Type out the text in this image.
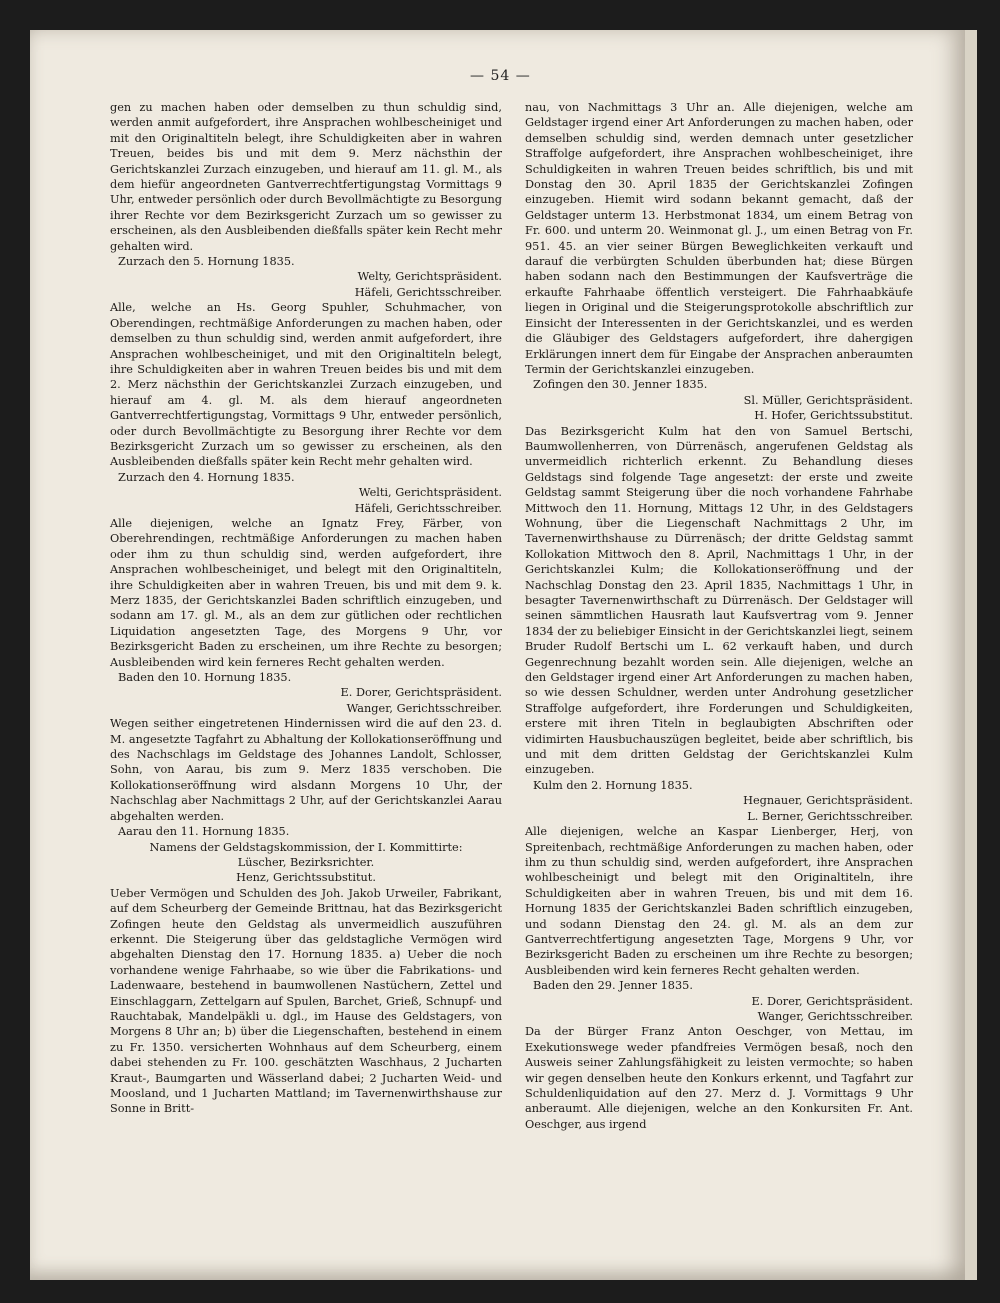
— 54 —

gen zu machen haben oder demselben zu thun schuldig sind, werden anmit aufgefordert, ihre Ansprachen wohlbescheiniget und mit den Originaltiteln belegt, ihre Schuldigkeiten aber in wahren Treuen, beides bis und mit dem 9. Merz nächsthin der Gerichtskanzlei Zurzach einzugeben, und hierauf am 11. gl. M., als dem hiefür angeordneten Gantverrechtfertigungstag Vormittags 9 Uhr, entweder persönlich oder durch Bevollmächtigte zu Besorgung ihrer Rechte vor dem Bezirksgericht Zurzach um so gewisser zu erscheinen, als den Ausbleibenden dießfalls später kein Recht mehr gehalten wird.

Zurzach den 5. Hornung 1835.

Welty, Gerichtspräsident.

Häfeli, Gerichtsschreiber.

Alle, welche an Hs. Georg Spuhler, Schuhmacher, von Oberendingen, rechtmäßige Anforderungen zu machen haben, oder demselben zu thun schuldig sind, werden anmit aufgefordert, ihre Ansprachen wohlbescheiniget, und mit den Originaltiteln belegt, ihre Schuldigkeiten aber in wahren Treuen beides bis und mit dem 2. Merz nächsthin der Gerichtskanzlei Zurzach einzugeben, und hierauf am 4. gl. M. als dem hierauf angeordneten Gantverrechtfertigungstag, Vormittags 9 Uhr, entweder persönlich, oder durch Bevollmächtigte zu Besorgung ihrer Rechte vor dem Bezirksgericht Zurzach um so gewisser zu erscheinen, als den Ausbleibenden dießfalls später kein Recht mehr gehalten wird.

Zurzach den 4. Hornung 1835.

Welti, Gerichtspräsident.

Häfeli, Gerichtsschreiber.

Alle diejenigen, welche an Ignatz Frey, Färber, von Oberehrendingen, rechtmäßige Anforderungen zu machen haben oder ihm zu thun schuldig sind, werden aufgefordert, ihre Ansprachen wohlbescheiniget, und belegt mit den Originaltiteln, ihre Schuldigkeiten aber in wahren Treuen, bis und mit dem 9. k. Merz 1835, der Gerichtskanzlei Baden schriftlich einzugeben, und sodann am 17. gl. M., als an dem zur gütlichen oder rechtlichen Liquidation angesetzten Tage, des Morgens 9 Uhr, vor Bezirksgericht Baden zu erscheinen, um ihre Rechte zu besorgen; Ausbleibenden wird kein ferneres Recht gehalten werden.

Baden den 10. Hornung 1835.

E. Dorer, Gerichtspräsident.

Wanger, Gerichtsschreiber.

Wegen seither eingetretenen Hindernissen wird die auf den 23. d. M. angesetzte Tagfahrt zu Abhaltung der Kollokationseröffnung und des Nachschlags im Geldstage des Johannes Landolt, Schlosser, Sohn, von Aarau, bis zum 9. Merz 1835 verschoben. Die Kollokationseröffnung wird alsdann Morgens 10 Uhr, der Nachschlag aber Nachmittags 2 Uhr, auf der Gerichtskanzlei Aarau abgehalten werden.

Aarau den 11. Hornung 1835.

Namens der Geldstagskommission, der I. Kommittirte:

Lüscher, Bezirksrichter.

Henz, Gerichtssubstitut.

Ueber Vermögen und Schulden des Joh. Jakob Urweiler, Fabrikant, auf dem Scheurberg der Gemeinde Brittnau, hat das Bezirksgericht Zofingen heute den Geldstag als unvermeidlich auszuführen erkennt. Die Steigerung über das geldstagliche Vermögen wird abgehalten Dienstag den 17. Hornung 1835. a) Ueber die noch vorhandene wenige Fahrhaabe, so wie über die Fabrikations- und Ladenwaare, bestehend in baumwollenen Nastüchern, Zettel und Einschlaggarn, Zettelgarn auf Spulen, Barchet, Grieß, Schnupf- und Rauchtabak, Mandelpäkli u. dgl., im Hause des Geldstagers, von Morgens 8 Uhr an; b) über die Liegenschaften, bestehend in einem zu Fr. 1350. versicherten Wohnhaus auf dem Scheurberg, einem dabei stehenden zu Fr. 100. geschätzten Waschhaus, 2 Jucharten Kraut-, Baumgarten und Wässerland dabei; 2 Jucharten Weid- und Moosland, und 1 Jucharten Mattland; im Tavernenwirthshause zur Sonne in Britt-

nau, von Nachmittags 3 Uhr an. Alle diejenigen, welche am Geldstager irgend einer Art Anforderungen zu machen haben, oder demselben schuldig sind, werden demnach unter gesetzlicher Straffolge aufgefordert, ihre Ansprachen wohlbescheiniget, ihre Schuldigkeiten in wahren Treuen beides schriftlich, bis und mit Donstag den 30. April 1835 der Gerichtskanzlei Zofingen einzugeben. Hiemit wird sodann bekannt gemacht, daß der Geldstager unterm 13. Herbstmonat 1834, um einem Betrag von Fr. 600. und unterm 20. Weinmonat gl. J., um einen Betrag von Fr. 951. 45. an vier seiner Bürgen Beweglichkeiten verkauft und darauf die verbürgten Schulden überbunden hat; diese Bürgen haben sodann nach den Bestimmungen der Kaufsverträge die erkaufte Fahrhaabe öffentlich versteigert. Die Fahrhaabkäufe liegen in Original und die Steigerungsprotokolle abschriftlich zur Einsicht der Interessenten in der Gerichtskanzlei, und es werden die Gläubiger des Geldstagers aufgefordert, ihre dahergigen Erklärungen innert dem für Eingabe der Ansprachen anberaumten Termin der Gerichtskanzlei einzugeben.

Zofingen den 30. Jenner 1835.

Sl. Müller, Gerichtspräsident.

H. Hofer, Gerichtssubstitut.

Das Bezirksgericht Kulm hat den von Samuel Bertschi, Baumwollenherren, von Dürrenäsch, angerufenen Geldstag als unvermeidlich richterlich erkennt. Zu Behandlung dieses Geldstags sind folgende Tage angesetzt: der erste und zweite Geldstag sammt Steigerung über die noch vorhandene Fahrhabe Mittwoch den 11. Hornung, Mittags 12 Uhr, in des Geldstagers Wohnung, über die Liegenschaft Nachmittags 2 Uhr, im Tavernenwirthshause zu Dürrenäsch; der dritte Geldstag sammt Kollokation Mittwoch den 8. April, Nachmittags 1 Uhr, in der Gerichtskanzlei Kulm; die Kollokationseröffnung und der Nachschlag Donstag den 23. April 1835, Nachmittags 1 Uhr, in besagter Tavernenwirthschaft zu Dürrenäsch. Der Geldstager will seinen sämmtlichen Hausrath laut Kaufsvertrag vom 9. Jenner 1834 der zu beliebiger Einsicht in der Gerichtskanzlei liegt, seinem Bruder Rudolf Bertschi um L. 62 verkauft haben, und durch Gegenrechnung bezahlt worden sein. Alle diejenigen, welche an den Geldstager irgend einer Art Anforderungen zu machen haben, so wie dessen Schuldner, werden unter Androhung gesetzlicher Straffolge aufgefordert, ihre Forderungen und Schuldigkeiten, erstere mit ihren Titeln in beglaubigten Abschriften oder vidimirten Hausbuchauszügen begleitet, beide aber schriftlich, bis und mit dem dritten Geldstag der Gerichtskanzlei Kulm einzugeben.

Kulm den 2. Hornung 1835.

Hegnauer, Gerichtspräsident.

L. Berner, Gerichtsschreiber.

Alle diejenigen, welche an Kaspar Lienberger, Herj, von Spreitenbach, rechtmäßige Anforderungen zu machen haben, oder ihm zu thun schuldig sind, werden aufgefordert, ihre Ansprachen wohlbescheinigt und belegt mit den Originaltiteln, ihre Schuldigkeiten aber in wahren Treuen, bis und mit dem 16. Hornung 1835 der Gerichtskanzlei Baden schriftlich einzugeben, und sodann Dienstag den 24. gl. M. als an dem zur Gantverrechtfertigung angesetzten Tage, Morgens 9 Uhr, vor Bezirksgericht Baden zu erscheinen um ihre Rechte zu besorgen; Ausbleibenden wird kein ferneres Recht gehalten werden.

Baden den 29. Jenner 1835.

E. Dorer, Gerichtspräsident.

Wanger, Gerichtsschreiber.

Da der Bürger Franz Anton Oeschger, von Mettau, im Exekutionswege weder pfandfreies Vermögen besaß, noch den Ausweis seiner Zahlungsfähigkeit zu leisten vermochte; so haben wir gegen denselben heute den Konkurs erkennt, und Tagfahrt zur Schuldenliquidation auf den 27. Merz d. J. Vormittags 9 Uhr anberaumt. Alle diejenigen, welche an den Konkursiten Fr. Ant. Oeschger, aus irgend
